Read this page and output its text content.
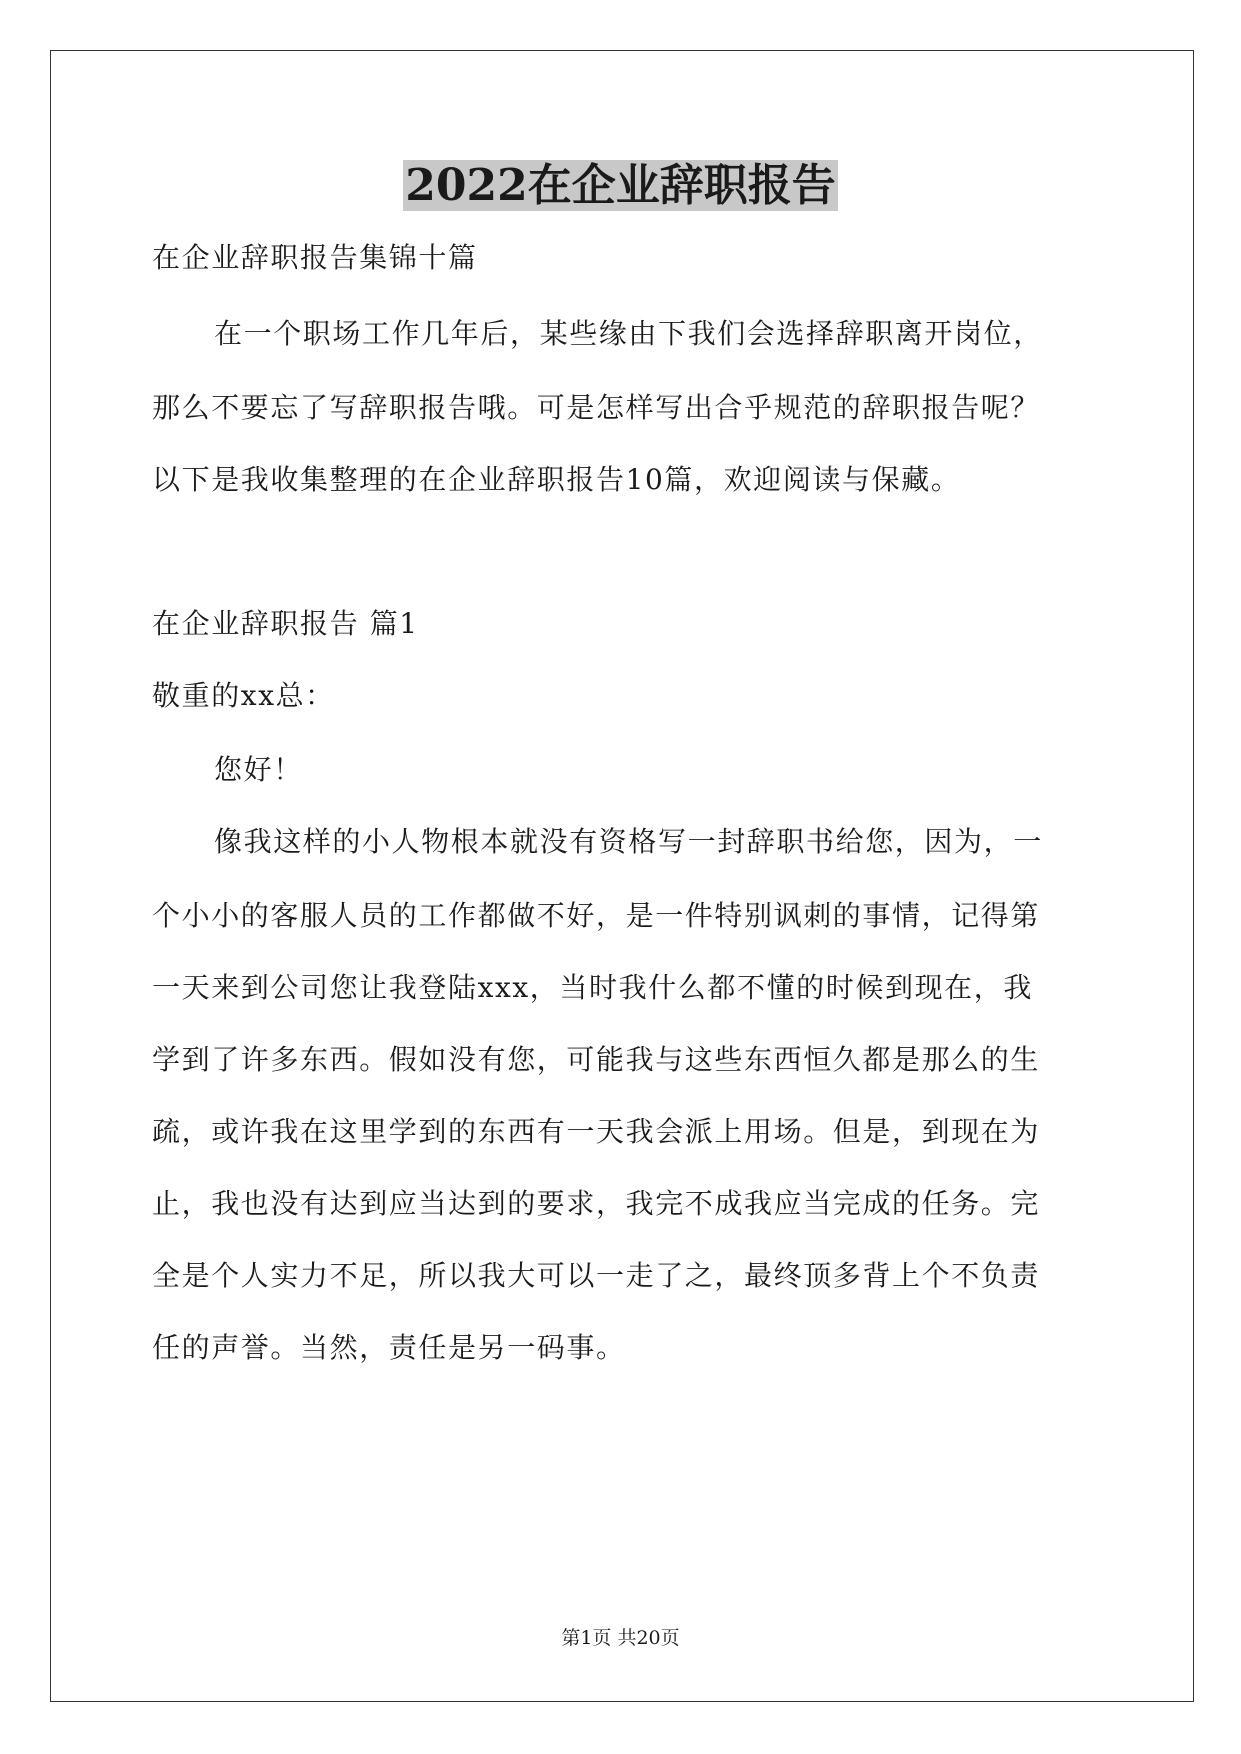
2022在企业辞职报告
在企业辞职报告集锦十篇
在一个职场工作几年后，某些缘由下我们会选择辞职离开岗位，
那么不要忘了写辞职报告哦。可是怎样写出合乎规范的辞职报告呢？
以下是我收集整理的在企业辞职报告10篇，欢迎阅读与保藏。
在企业辞职报告 篇1
敬重的xx总：
您好！
像我这样的小人物根本就没有资格写一封辞职书给您，因为，一
个小小的客服人员的工作都做不好，是一件特别讽刺的事情，记得第
一天来到公司您让我登陆xxx，当时我什么都不懂的时候到现在，我
学到了许多东西。假如没有您，可能我与这些东西恒久都是那么的生
疏，或许我在这里学到的东西有一天我会派上用场。但是，到现在为
止，我也没有达到应当达到的要求，我完不成我应当完成的任务。完
全是个人实力不足，所以我大可以一走了之，最终顶多背上个不负责
任的声誉。当然，责任是另一码事。
第1页 共20页
